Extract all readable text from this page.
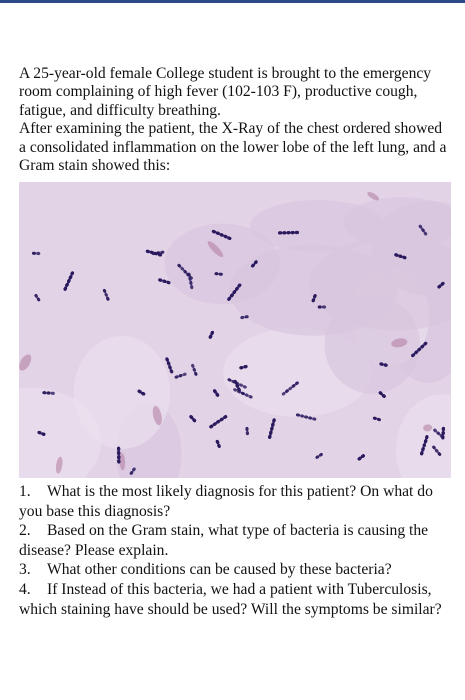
A 25-year-old female College student is brought to the emergency room complaining of high fever (102-103 F), productive cough, fatigue, and difficulty breathing.

After examining the patient, the X-Ray of the chest ordered showed a consolidated inflammation on the lower lobe of the left lung, and a Gram stain showed this:

1. What is the most likely diagnosis for this patient? On what do you base this diagnosis?

2. Based on the Gram stain, what type of bacteria is causing the disease? Please explain.

3. What other conditions can be caused by these bacteria?

4. If Instead of this bacteria, we had a patient with Tuberculosis, which staining have should be used? Will the symptoms be similar?
